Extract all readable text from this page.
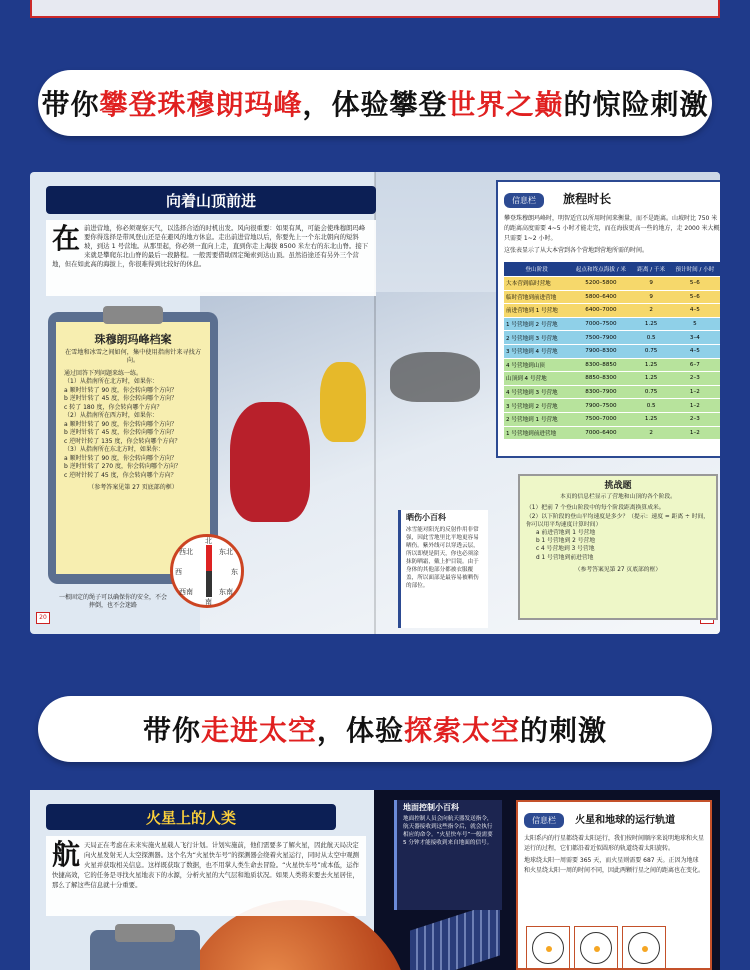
带你攀登珠穆朗玛峰，体验攀登世界之巅的惊险刺激
向着山顶前进
在 前进营地，你必须观察天气，以选择合适的时机出发。风向很重要：如果有风，可能会使珠穆朗玛峰要你得选择是带风登山还是在避风的地方休息。走出前进营地以后，你要先上一个东北朝向的短斜坡，到达 1 号营地。从那里起，你必须一直向上走，直到你走上海拔 8500 米左右的东北山脊。接下来就是攀爬东北山脊的最后一段路程。一般需要借助固定绳索到达山顶。虽然沿途还有另外三个营地，但在如此高的海拔上，你很难得到比较好的休息。
珠穆朗玛峰档案
在雪地和冰雪之间如何，集中使用指南针来寻找方向。
通过回答下列问题来练一练。
（1）从指南所在北方时，如果你：
a 顺时针转了 90 度，你会转向哪个方向？
b 逆时针转了 45 度，你会转向哪个方向？
c 转了 180 度，你会转向哪个方向？
（2）从指南所在西方时，如果你：
a 顺时针转了 90 度，你会转向哪个方向？
b 逆时针转了 45 度，你会转向哪个方向？
c 逆时针转了 135 度，你会转向哪个方向？
（3）从指南所在东北方时，如果你：
a 顺时针转了 90 度，你会转向哪个方向？
b 逆时针转了 270 度，你会转向哪个方向？
c 逆时针转了 45 度，你会转向哪个方向？
（参考答案见第 27 页底部的框）
北
南
西	东
西北	东北
西南	东南
一根固定的绳子可以确保你的安全，不会摔倒，也不会迷路
20
信息栏 旅程时长
攀登珠穆朗玛峰时，明智适宜以所用时间来衡量，而不是距离。山坡时比 750 米的距离高度需要 4~5 小时才能走完，而在海拔更高一些的地方，走 2000 米大概只需要 1~2 小时。
这张表显示了从大本营到各个营地到营地所需的时间。
登山阶段	起点和终点海拔 / 米	距离 / 千米	预计时间 / 小时
大本营到临时营地	5200–5800	9	5–6
临时营地到前进营地	5800–6400	9	5–6
前进营地到 1 号营地	6400–7000	2	4–5
1 号营地到 2 号营地	7000–7500	1.25	5
2 号营地到 3 号营地	7500–7900	0.5	3–4
3 号营地到 4 号营地	7900–8300	0.75	4–5
4 号营地到山顶	8300–8850	1.25	6–7
山顶到 4 号营地	8850–8300	1.25	2–3
4 号营地到 3 号营地	8300–7900	0.75	1–2
3 号营地到 2 号营地	7900–7500	0.5	1–2
2 号营地到 1 号营地	7500–7000	1.25	2–3
1 号营地到前进营地	7000–6400	2	1–2
晒伤小百科
冰雪能对阳光的反射作用非常强，因此雪地里比平地更容易晒伤。紫外线可以穿透云层，所以即便是阴天，你也必须涂抹防晒霜，戴上护目镜。由于身体的其他部分都被衣服覆盖，所以面部是最容易被晒伤的部位。
挑战题
本页的信息栏显示了营地和山顶的各个阶段。
（1）把前 7 个登山阶段中的每个阶段距离换算成米。
（2）以下阶段的登山平均速度是多少？（提示：速度 = 距离 ÷ 时间，你可以用平均速度计算时间）
a 前进营地到 1 号营地
b 1 号营地到 2 号营地
c 4 号营地到 3 号营地
d 1 号营地到前进营地
（参考答案见第 27 页底部的框）
带你走进太空，体验探索太空的刺激
火星上的人类
航 天局正在考虑在未来实施火星载人飞行计划。计划实施前，他们需要多了解火星，因此航天局决定向火星发射无人太空探测器。这个名为“火星快车号”的探测器会绕着火星运行，同时从太空中观测火星并获取相关信息。这样既获取了数据，也不用掌人类生命去冒险。“火星快车号”成本低，运作快捷高效，它的任务是寻找火星地表下的水源，分析火星的大气层和地质状况。如果人类将来要去火星居住，那么了解这些信息就十分重要。
地面控制小百科
地面控制人员会向航天器发送指令，航天器接收到这些指令后，就会执行相应的命令。“火星快车号”一般需要 5 分钟才能接收到来自地面的信号。
信息栏 火星和地球的运行轨道
太阳系内的行星都绕着太阳运行，我们按时间顺序来说明地球和火星运行的过程，它们都沿着近似圆形的轨道绕着太阳旋转。
地球绕太阳一周需要 365 天，而火星则需要 687 天。正因为地球和火星绕太阳一周的时间不同，因此两颗行星之间的距离也在变化。
